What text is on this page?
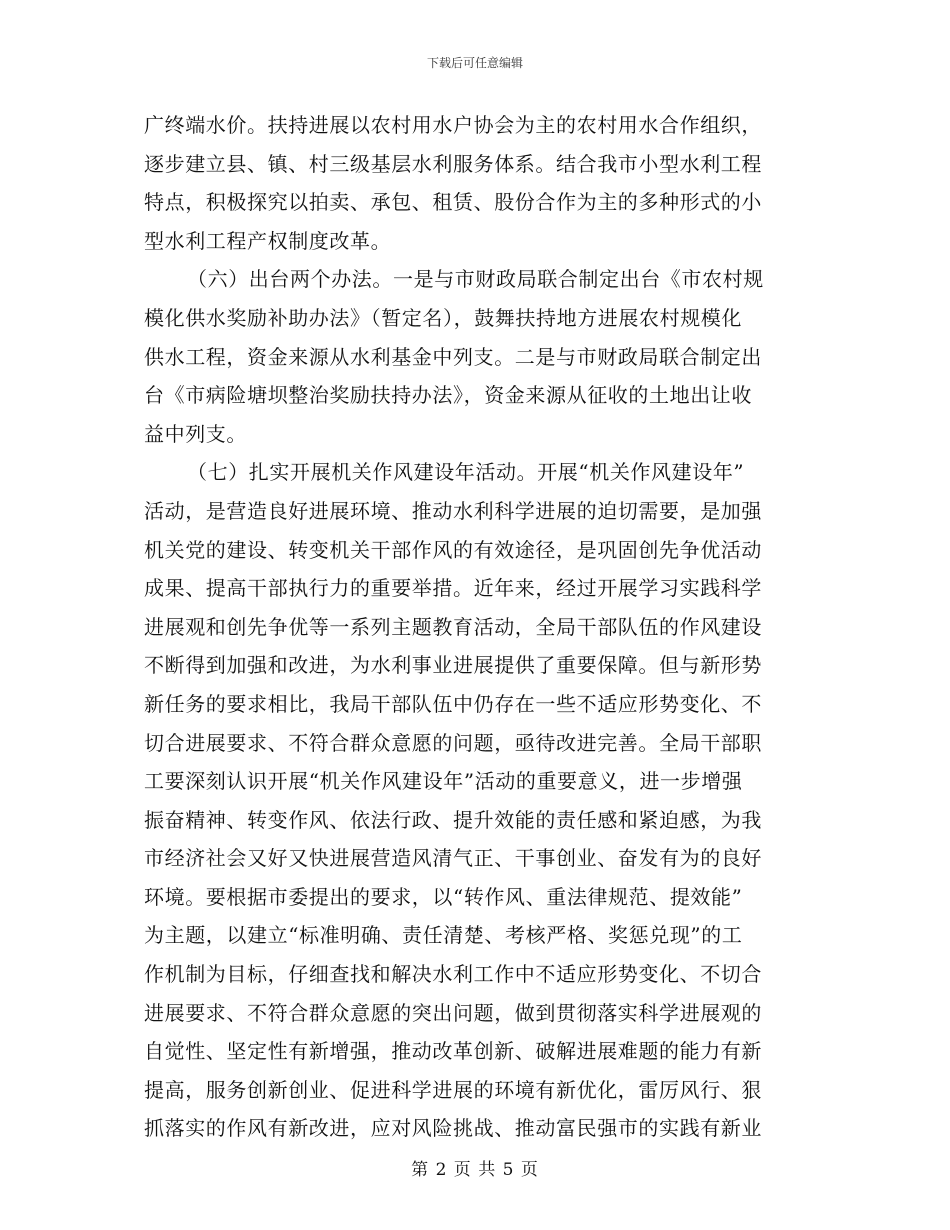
下载后可任意编辑
广终端水价。扶持进展以农村用水户协会为主的农村用水合作组织，
逐步建立县、镇、村三级基层水利服务体系。结合我市小型水利工程
特点，积极探究以拍卖、承包、租赁、股份合作为主的多种形式的小
型水利工程产权制度改革。
（六）出台两个办法。一是与市财政局联合制定出台《市农村规
模化供水奖励补助办法》（暂定名），鼓舞扶持地方进展农村规模化
供水工程，资金来源从水利基金中列支。二是与市财政局联合制定出
台《市病险塘坝整治奖励扶持办法》，资金来源从征收的土地出让收
益中列支。
（七）扎实开展机关作风建设年活动。开展“机关作风建设年”
活动，是营造良好进展环境、推动水利科学进展的迫切需要，是加强
机关党的建设、转变机关干部作风的有效途径，是巩固创先争优活动
成果、提高干部执行力的重要举措。近年来，经过开展学习实践科学
进展观和创先争优等一系列主题教育活动，全局干部队伍的作风建设
不断得到加强和改进，为水利事业进展提供了重要保障。但与新形势
新任务的要求相比，我局干部队伍中仍存在一些不适应形势变化、不
切合进展要求、不符合群众意愿的问题，亟待改进完善。全局干部职
工要深刻认识开展“机关作风建设年”活动的重要意义，进一步增强
振奋精神、转变作风、依法行政、提升效能的责任感和紧迫感，为我
市经济社会又好又快进展营造风清气正、干事创业、奋发有为的良好
环境。要根据市委提出的要求，以“转作风、重法律规范、提效能”
为主题，以建立“标准明确、责任清楚、考核严格、奖惩兑现”的工
作机制为目标，仔细查找和解决水利工作中不适应形势变化、不切合
进展要求、不符合群众意愿的突出问题，做到贯彻落实科学进展观的
自觉性、坚定性有新增强，推动改革创新、破解进展难题的能力有新
提高，服务创新创业、促进科学进展的环境有新优化，雷厉风行、狠
抓落实的作风有新改进，应对风险挑战、推动富民强市的实践有新业
第 2 页 共 5 页
